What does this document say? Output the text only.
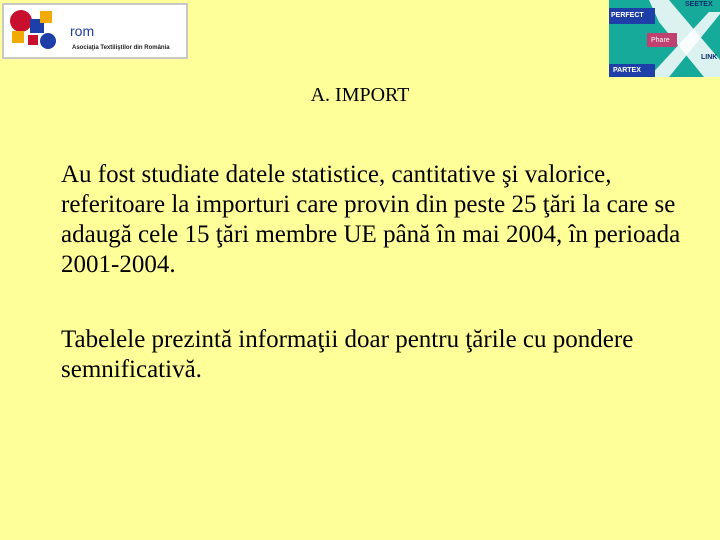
rom
Asociaţia Textiliştilor din România
SEETEX
PERFECT
Phare
PARTEX
LINK
A. IMPORT

Au fost studiate datele statistice, cantitative şi valorice, referitoare la importuri care provin din peste 25 ţări la care se adaugă cele 15 ţări membre UE până în mai 2004, în perioada 2001-2004.

Tabelele prezintă informaţii doar pentru ţările cu pondere semnificativă.
